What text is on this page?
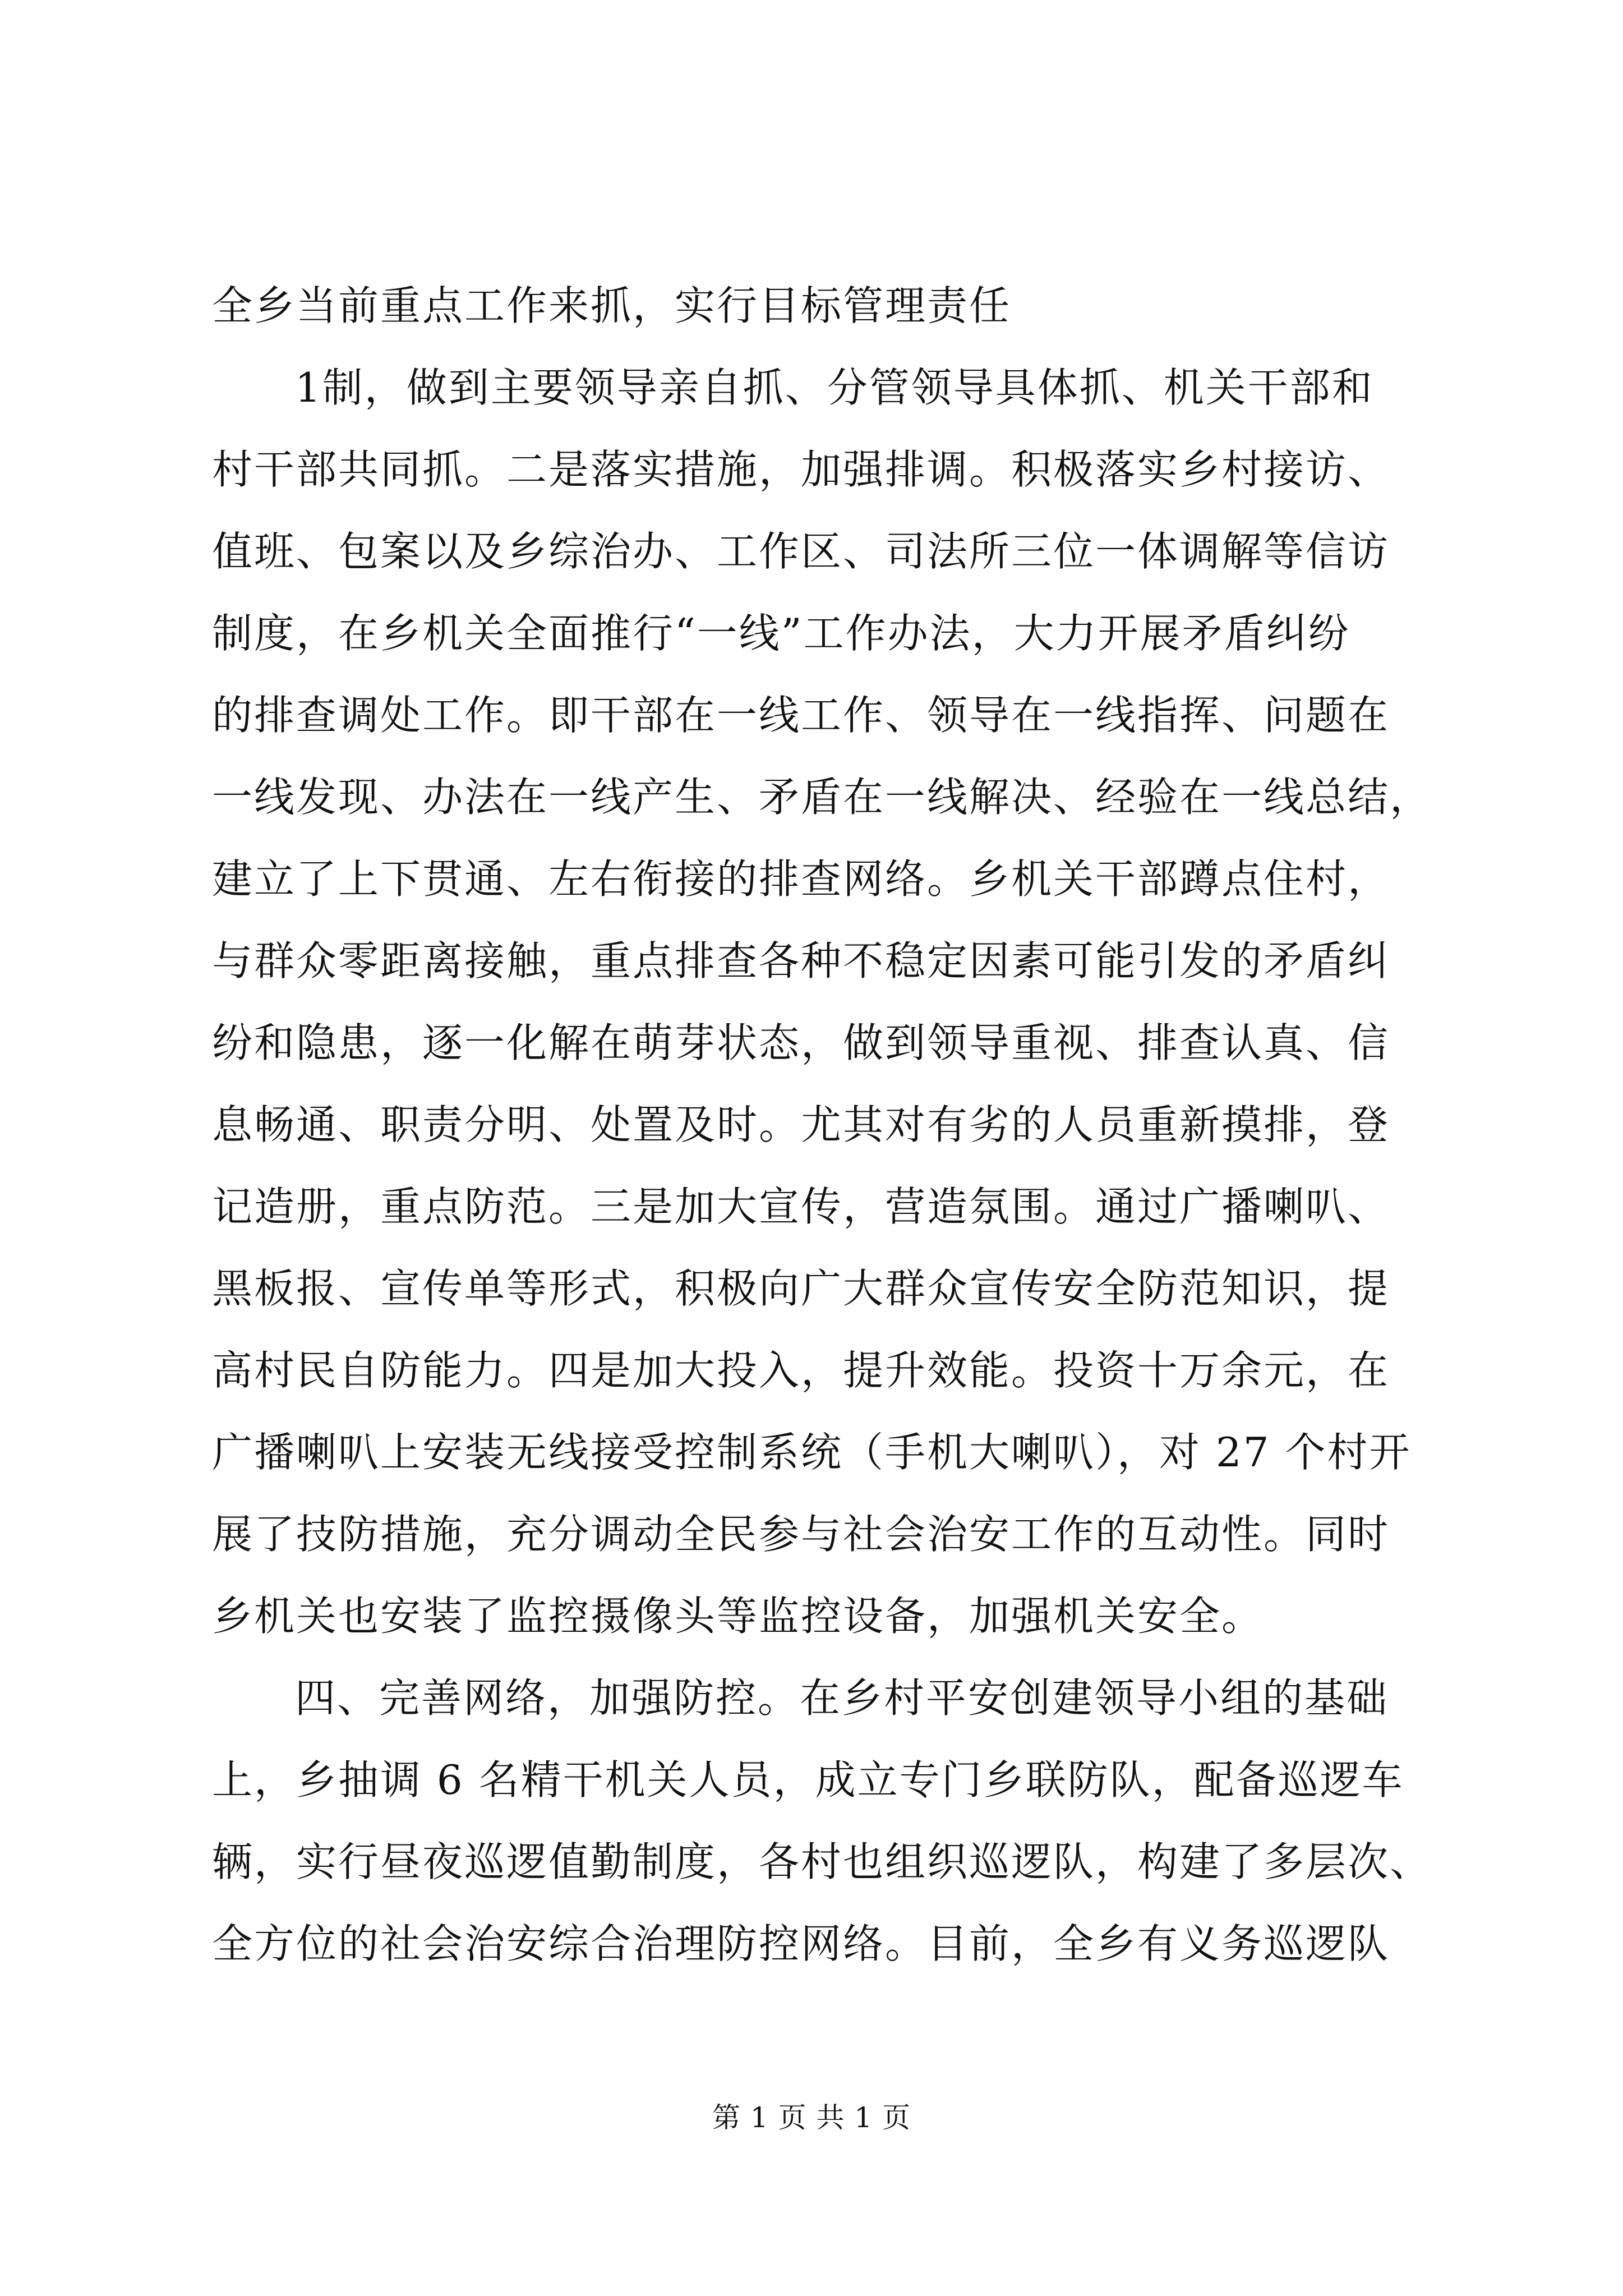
全乡当前重点工作来抓，实行目标管理责任
1制，做到主要领导亲自抓、分管领导具体抓、机关干部和
村干部共同抓。二是落实措施，加强排调。积极落实乡村接访、
值班、包案以及乡综治办、工作区、司法所三位一体调解等信访
制度，在乡机关全面推行“一线”工作办法，大力开展矛盾纠纷
的排查调处工作。即干部在一线工作、领导在一线指挥、问题在
一线发现、办法在一线产生、矛盾在一线解决、经验在一线总结，
建立了上下贯通、左右衔接的排查网络。乡机关干部蹲点住村，
与群众零距离接触，重点排查各种不稳定因素可能引发的矛盾纠
纷和隐患，逐一化解在萌芽状态，做到领导重视、排查认真、信
息畅通、职责分明、处置及时。尤其对有劣的人员重新摸排，登
记造册，重点防范。三是加大宣传，营造氛围。通过广播喇叭、
黑板报、宣传单等形式，积极向广大群众宣传安全防范知识，提
高村民自防能力。四是加大投入，提升效能。投资十万余元，在
广播喇叭上安装无线接受控制系统（手机大喇叭），对 27 个村开
展了技防措施，充分调动全民参与社会治安工作的互动性。同时
乡机关也安装了监控摄像头等监控设备，加强机关安全。
四、完善网络，加强防控。在乡村平安创建领导小组的基础
上，乡抽调 6 名精干机关人员，成立专门乡联防队，配备巡逻车
辆，实行昼夜巡逻值勤制度，各村也组织巡逻队，构建了多层次、
全方位的社会治安综合治理防控网络。目前，全乡有义务巡逻队
第 1 页 共 1 页
